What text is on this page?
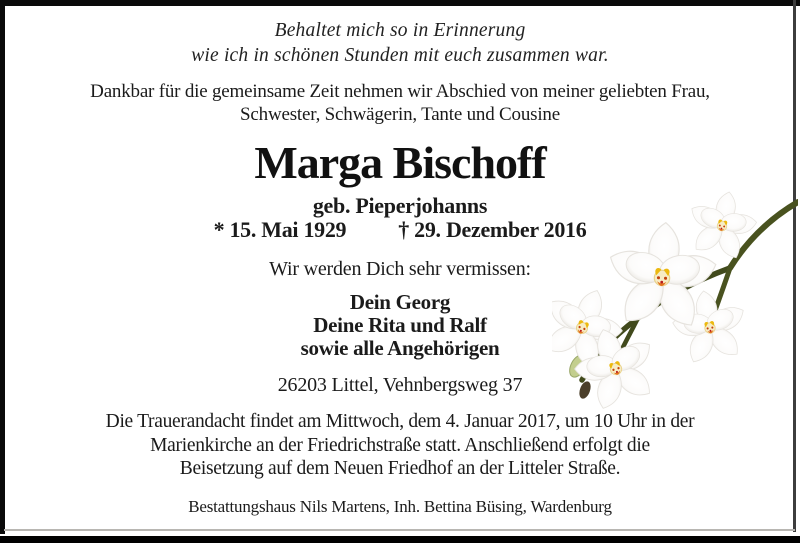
Behaltet mich so in Erinnerung
wie ich in schönen Stunden mit euch zusammen war.
Dankbar für die gemeinsame Zeit nehmen wir Abschied von meiner geliebten Frau,
Schwester, Schwägerin, Tante und Cousine
Marga Bischoff
geb. Pieperjohanns
* 15. Mai 1929 † 29. Dezember 2016
Wir werden Dich sehr vermissen:
Dein Georg
Deine Rita und Ralf
sowie alle Angehörigen
26203 Littel, Vehnbergsweg 37
Die Trauerandacht findet am Mittwoch, dem 4. Januar 2017, um 10 Uhr in der
Marienkirche an der Friedrichstraße statt. Anschließend erfolgt die
Beisetzung auf dem Neuen Friedhof an der Litteler Straße.
Bestattungshaus Nils Martens, Inh. Bettina Büsing, Wardenburg
